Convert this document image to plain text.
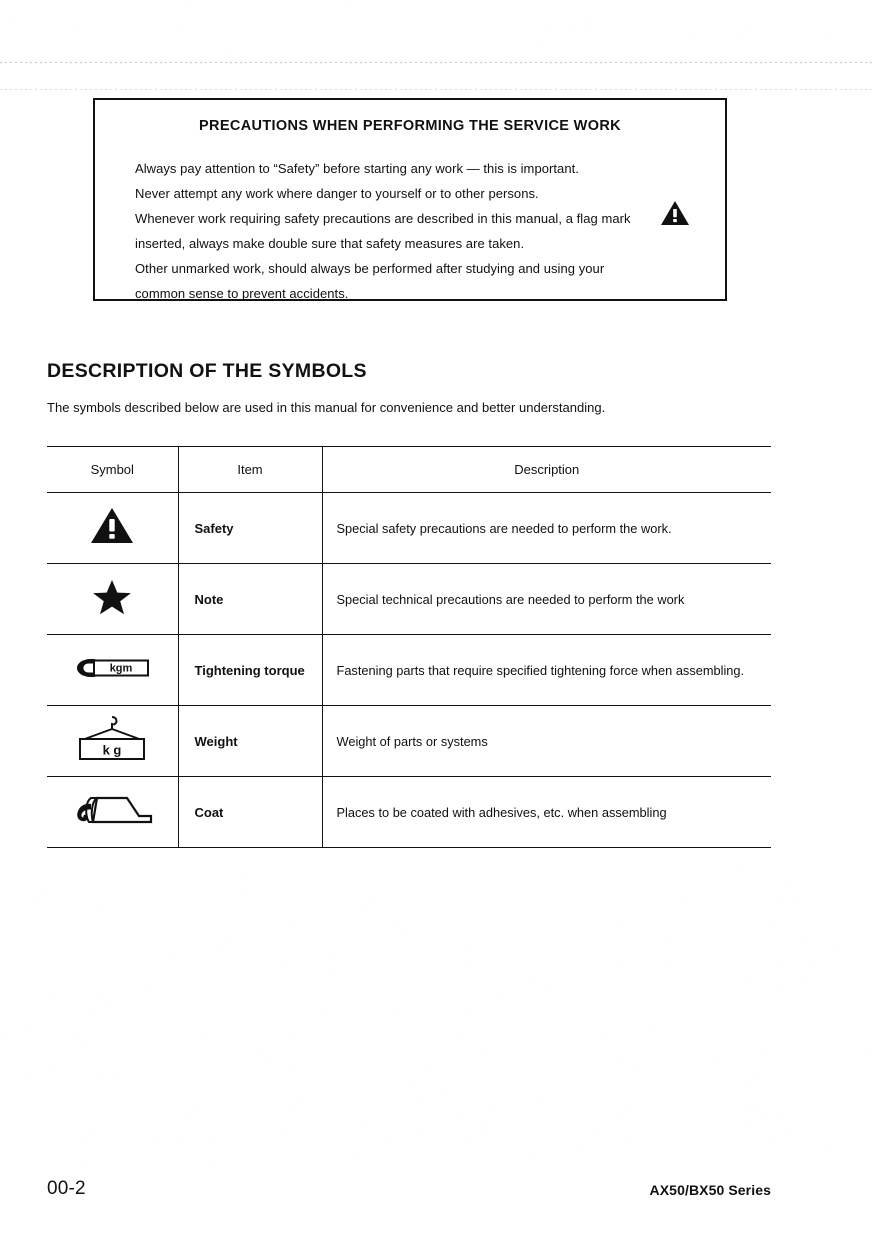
PRECAUTIONS WHEN PERFORMING THE SERVICE WORK

Always pay attention to “Safety” before starting any work — this is important.

Never attempt any work where danger to yourself or to other persons.

Whenever work requiring safety precautions are described in this manual, a flag mark

inserted, always make double sure that safety measures are taken.

Other unmarked work, should always be performed after studying and using your

common sense to prevent accidents.

DESCRIPTION OF THE SYMBOLS
The symbols described below are used in this manual for convenience and better understanding.
Symbol	Item	Description

	Safety	Special safety precautions are needed to perform the work.

	Note	Special technical precautions are needed to perform the work

kgm	Tightening torque	Fastening parts that require specified tightening force when assembling.

k g	Weight	Weight of parts or systems

	Coat	Places to be coated with adhesives, etc. when assembling
00-2	AX50/BX50 Series
